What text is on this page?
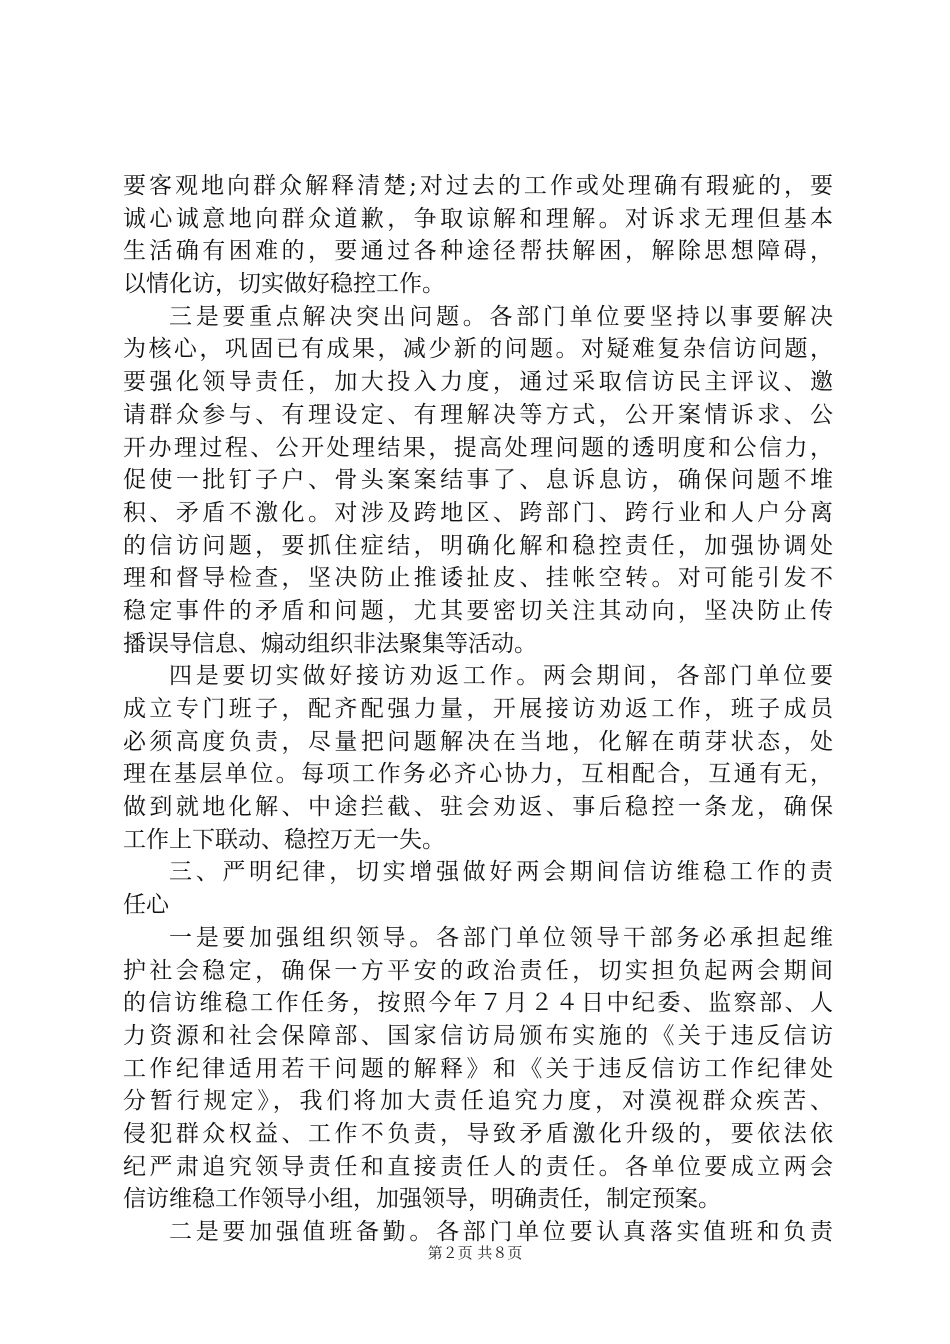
要客观地向群众解释清楚;对过去的工作或处理确有瑕疵的，要
诚心诚意地向群众道歉，争取谅解和理解。对诉求无理但基本
生活确有困难的，要通过各种途径帮扶解困，解除思想障碍，
以情化访，切实做好稳控工作。
三是要重点解决突出问题。各部门单位要坚持以事要解决
为核心，巩固已有成果，减少新的问题。对疑难复杂信访问题，
要强化领导责任，加大投入力度，通过采取信访民主评议、邀
请群众参与、有理设定、有理解决等方式，公开案情诉求、公
开办理过程、公开处理结果，提高处理问题的透明度和公信力，
促使一批钉子户、骨头案案结事了、息诉息访，确保问题不堆
积、矛盾不激化。对涉及跨地区、跨部门、跨行业和人户分离
的信访问题，要抓住症结，明确化解和稳控责任，加强协调处
理和督导检查，坚决防止推诿扯皮、挂帐空转。对可能引发不
稳定事件的矛盾和问题，尤其要密切关注其动向，坚决防止传
播误导信息、煽动组织非法聚集等活动。
四是要切实做好接访劝返工作。两会期间，各部门单位要
成立专门班子，配齐配强力量，开展接访劝返工作，班子成员
必须高度负责，尽量把问题解决在当地，化解在萌芽状态，处
理在基层单位。每项工作务必齐心协力，互相配合，互通有无，
做到就地化解、中途拦截、驻会劝返、事后稳控一条龙，确保
工作上下联动、稳控万无一失。
三、严明纪律，切实增强做好两会期间信访维稳工作的责
任心
一是要加强组织领导。各部门单位领导干部务必承担起维
护社会稳定，确保一方平安的政治责任，切实担负起两会期间
的信访维稳工作任务，按照今年７月２４日中纪委、监察部、人
力资源和社会保障部、国家信访局颁布实施的《关于违反信访
工作纪律适用若干问题的解释》和《关于违反信访工作纪律处
分暂行规定》，我们将加大责任追究力度，对漠视群众疾苦、
侵犯群众权益、工作不负责，导致矛盾激化升级的，要依法依
纪严肃追究领导责任和直接责任人的责任。各单位要成立两会
信访维稳工作领导小组，加强领导，明确责任，制定预案。
二是要加强值班备勤。各部门单位要认真落实值班和负责
第２页 共８页
